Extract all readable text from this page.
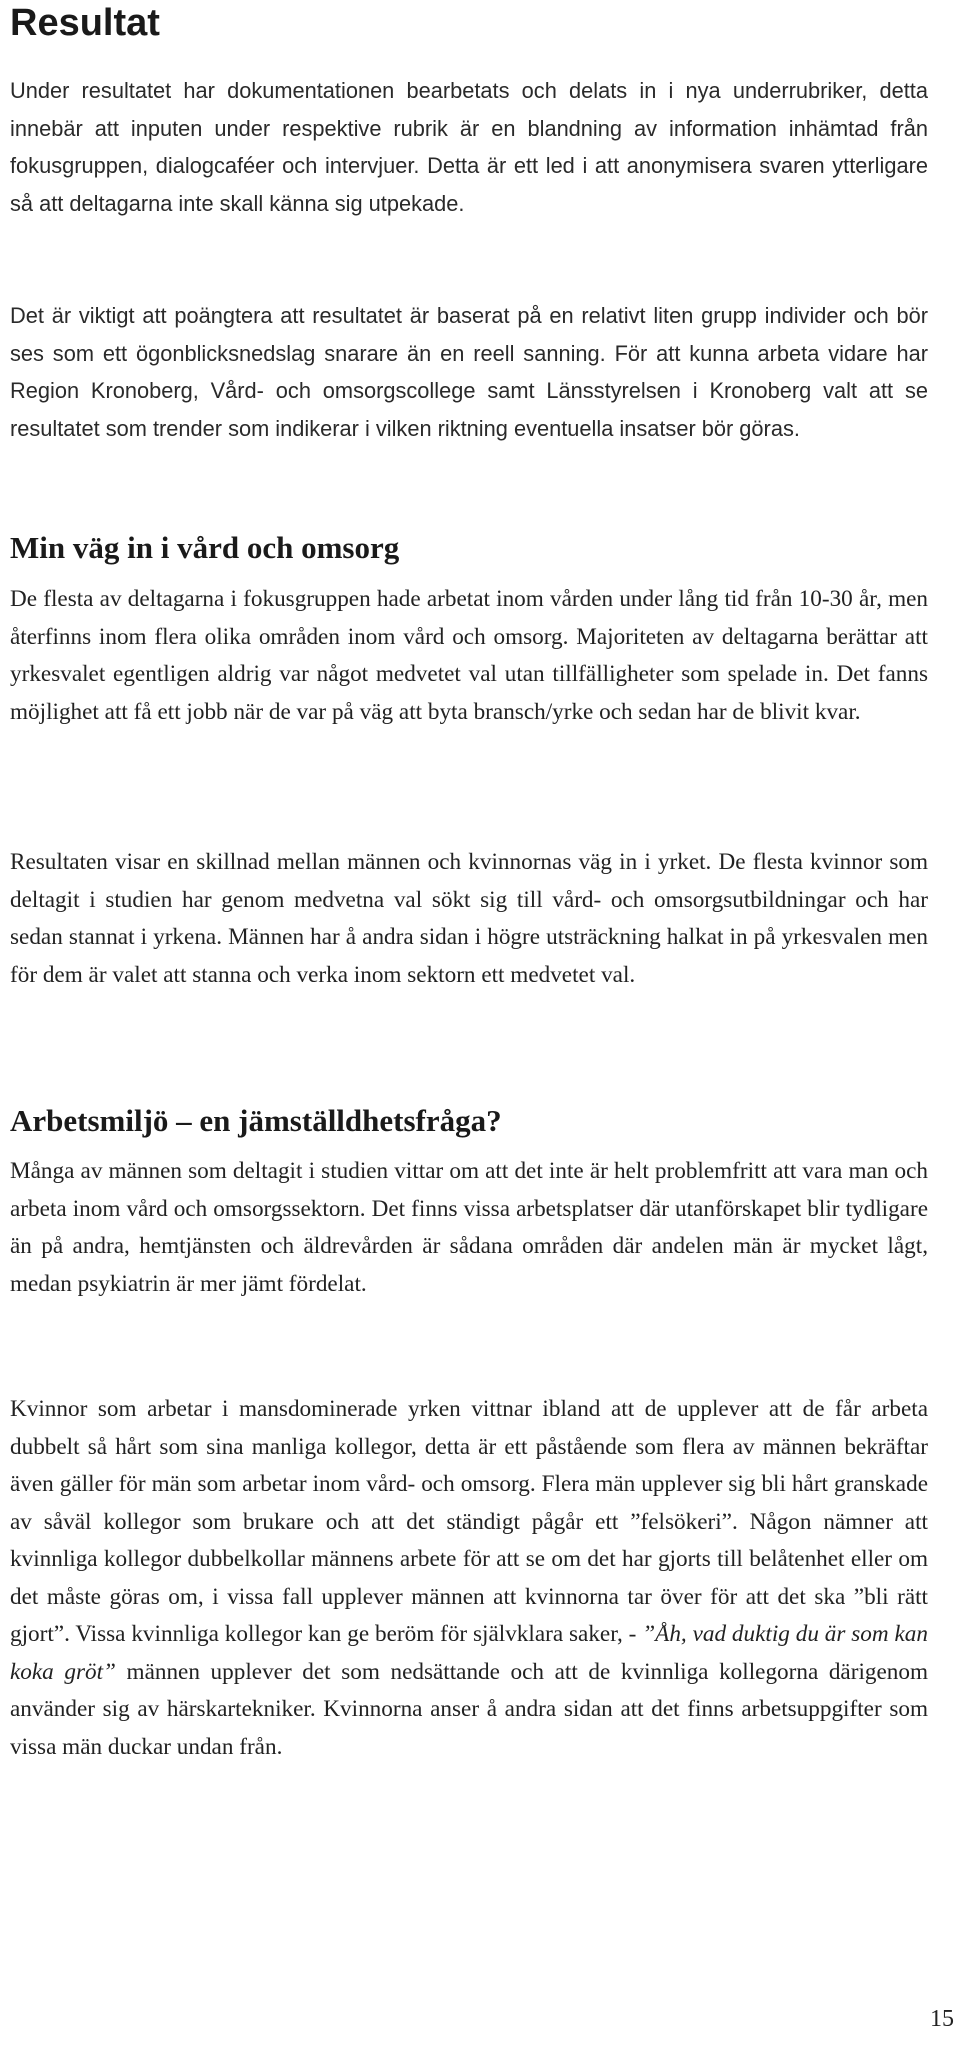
Resultat

Under resultatet har dokumentationen bearbetats och delats in i nya underrubriker, detta innebär att inputen under respektive rubrik är en blandning av information inhämtad från fokusgruppen, dialogcaféer och intervjuer. Detta är ett led i att anonymisera svaren ytterligare så att deltagarna inte skall känna sig utpekade.

Det är viktigt att poängtera att resultatet är baserat på en relativt liten grupp individer och bör ses som ett ögonblicksnedslag snarare än en reell sanning. För att kunna arbeta vidare har Region Kronoberg, Vård- och omsorgscollege samt Länsstyrelsen i Kronoberg valt att se resultatet som trender som indikerar i vilken riktning eventuella insatser bör göras.

Min väg in i vård och omsorg

De flesta av deltagarna i fokusgruppen hade arbetat inom vården under lång tid från 10-30 år, men återfinns inom flera olika områden inom vård och omsorg. Majoriteten av deltagarna berättar att yrkesvalet egentligen aldrig var något medvetet val utan tillfälligheter som spelade in. Det fanns möjlighet att få ett jobb när de var på väg att byta bransch/yrke och sedan har de blivit kvar.

Resultaten visar en skillnad mellan männen och kvinnornas väg in i yrket. De flesta kvinnor som deltagit i studien har genom medvetna val sökt sig till vård- och omsorgsutbildningar och har sedan stannat i yrkena. Männen har å andra sidan i högre utsträckning halkat in på yrkesvalen men för dem är valet att stanna och verka inom sektorn ett medvetet val.

Arbetsmiljö – en jämställdhetsfråga?

Många av männen som deltagit i studien vittar om att det inte är helt problemfritt att vara man och arbeta inom vård och omsorgssektorn. Det finns vissa arbetsplatser där utanförskapet blir tydligare än på andra, hemtjänsten och äldrevården är sådana områden där andelen män är mycket lågt, medan psykiatrin är mer jämt fördelat.

Kvinnor som arbetar i mansdominerade yrken vittnar ibland att de upplever att de får arbeta dubbelt så hårt som sina manliga kollegor, detta är ett påstående som flera av männen bekräftar även gäller för män som arbetar inom vård- och omsorg. Flera män upplever sig bli hårt granskade av såväl kollegor som brukare och att det ständigt pågår ett ”felsökeri”. Någon nämner att kvinnliga kollegor dubbelkollar männens arbete för att se om det har gjorts till belåtenhet eller om det måste göras om, i vissa fall upplever männen att kvinnorna tar över för att det ska ”bli rätt gjort”. Vissa kvinnliga kollegor kan ge beröm för självklara saker, - ”Åh, vad duktig du är som kan koka gröt” männen upplever det som nedsättande och att de kvinnliga kollegorna därigenom använder sig av härskartekniker. Kvinnorna anser å andra sidan att det finns arbetsuppgifter som vissa män duckar undan från.

15
